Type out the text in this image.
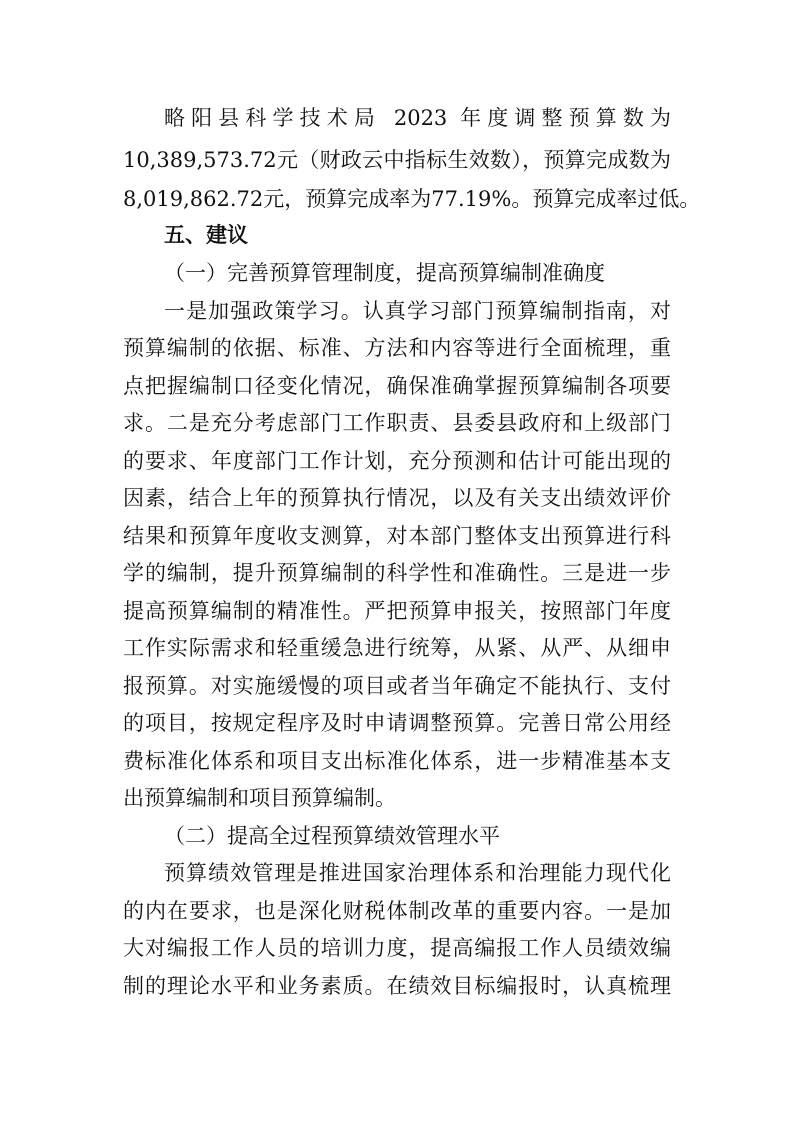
略阳县科学技术局 2023 年度调整预算数为
10,389,573.72元（财政云中指标生效数），预算完成数为
8,019,862.72元，预算完成率为77.19%。预算完成率过低。
五、建议
（一）完善预算管理制度，提高预算编制准确度
一是加强政策学习。认真学习部门预算编制指南，对
预算编制的依据、标准、方法和内容等进行全面梳理，重
点把握编制口径变化情况，确保准确掌握预算编制各项要
求。二是充分考虑部门工作职责、县委县政府和上级部门
的要求、年度部门工作计划，充分预测和估计可能出现的
因素，结合上年的预算执行情况，以及有关支出绩效评价
结果和预算年度收支测算，对本部门整体支出预算进行科
学的编制，提升预算编制的科学性和准确性。三是进一步
提高预算编制的精准性。严把预算申报关，按照部门年度
工作实际需求和轻重缓急进行统筹，从紧、从严、从细申
报预算。对实施缓慢的项目或者当年确定不能执行、支付
的项目，按规定程序及时申请调整预算。完善日常公用经
费标准化体系和项目支出标准化体系，进一步精准基本支
出预算编制和项目预算编制。
（二）提高全过程预算绩效管理水平
预算绩效管理是推进国家治理体系和治理能力现代化
的内在要求，也是深化财税体制改革的重要内容。一是加
大对编报工作人员的培训力度，提高编报工作人员绩效编
制的理论水平和业务素质。在绩效目标编报时，认真梳理
